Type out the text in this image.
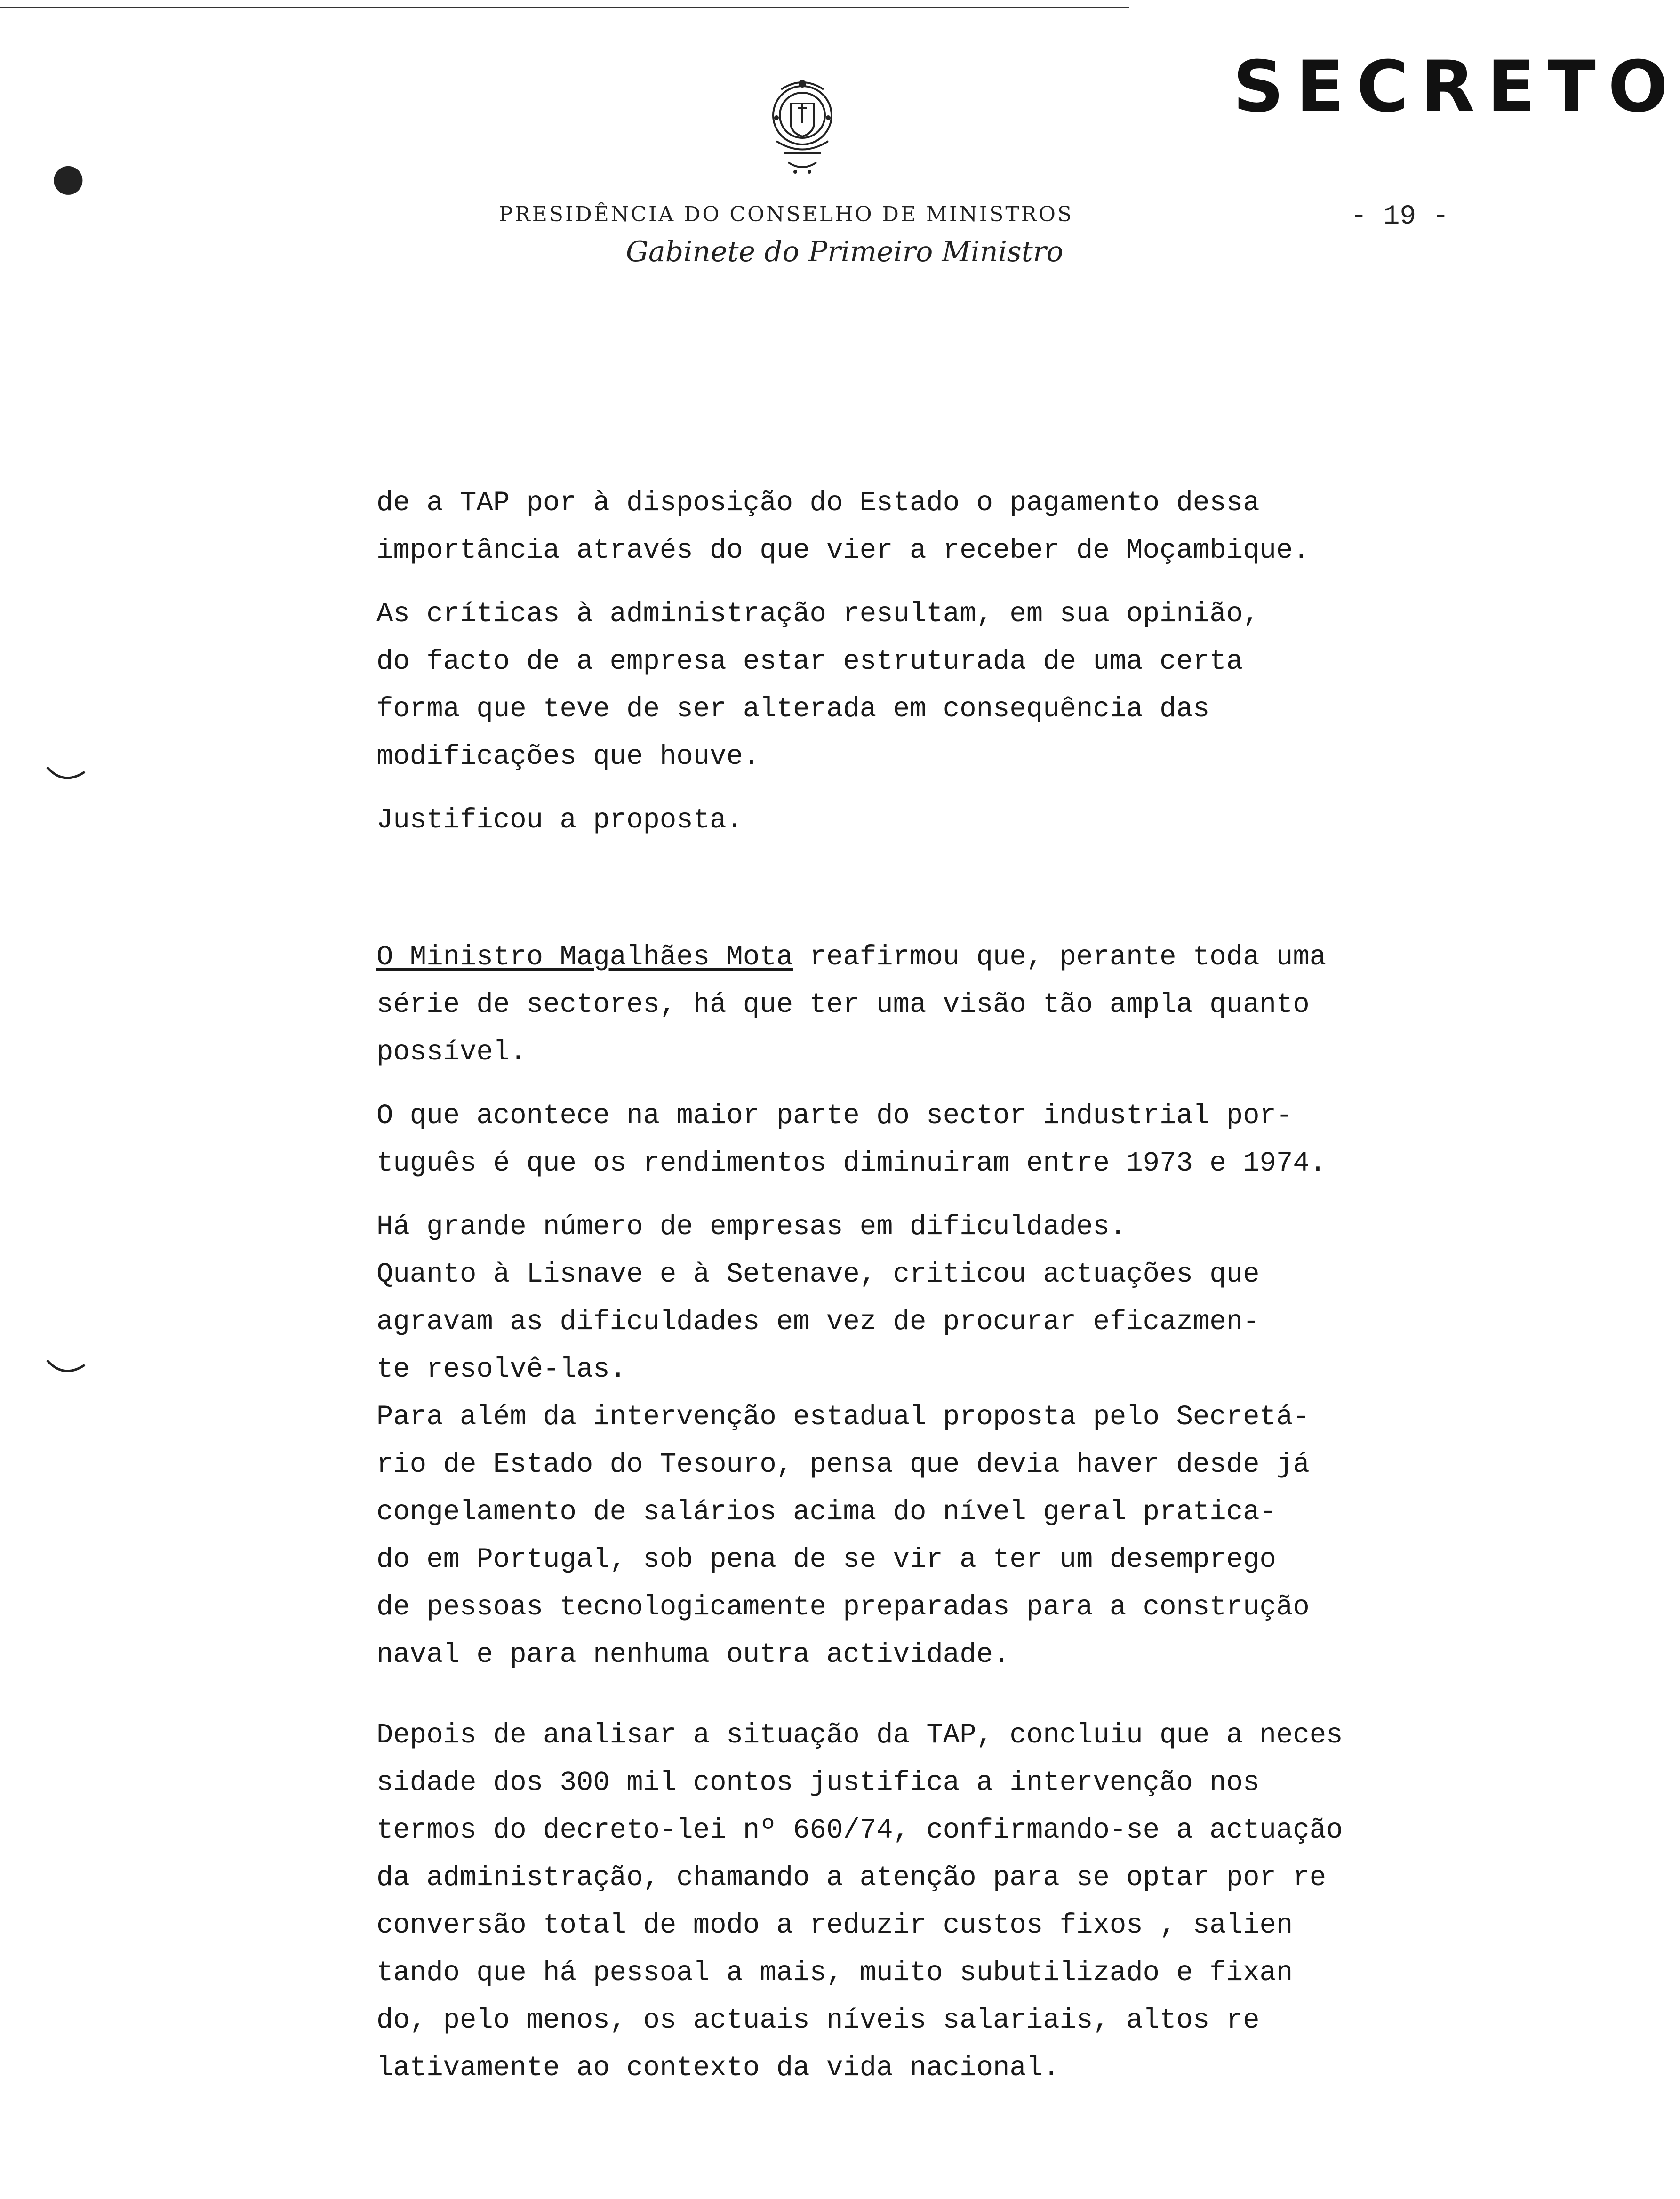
SECRETO
PRESIDÊNCIA DO CONSELHO DE MINISTROS
Gabinete do Primeiro Ministro
- 19 -
●
de a TAP por à disposição do Estado o pagamento dessa
importância através do que vier a receber de Moçambique.
As críticas à administração resultam, em sua opinião,
do facto de a empresa estar estruturada de uma certa
forma que teve de ser alterada em consequência das
modificações que houve.
Justificou a proposta.
O Ministro Magalhães Mota reafirmou que, perante toda uma
série de sectores, há que ter uma visão tão ampla quanto
possível.
O que acontece na maior parte do sector industrial por-
tuguês é que os rendimentos diminuiram entre 1973 e 1974.
Há grande número de empresas em dificuldades.
Quanto à Lisnave e à Setenave, criticou actuações que
agravam as dificuldades em vez de procurar eficazmen-
te resolvê-las.
Para além da intervenção estadual proposta pelo Secretá-
rio de Estado do Tesouro, pensa que devia haver desde já
congelamento de salários acima do nível geral pratica-
do em Portugal, sob pena de se vir a ter um desemprego
de pessoas tecnologicamente preparadas para a construção
naval e para nenhuma outra actividade.
Depois de analisar a situação da TAP, concluiu que a neces
sidade dos 300 mil contos justifica a intervenção nos
termos do decreto-lei nº 660/74, confirmando-se a actuação
da administração, chamando a atenção para se optar por re
conversão total de modo a reduzir custos fixos , salien
tando que há pessoal a mais, muito subutilizado e fixan
do, pelo menos, os actuais níveis salariais, altos re
lativamente ao contexto da vida nacional.
